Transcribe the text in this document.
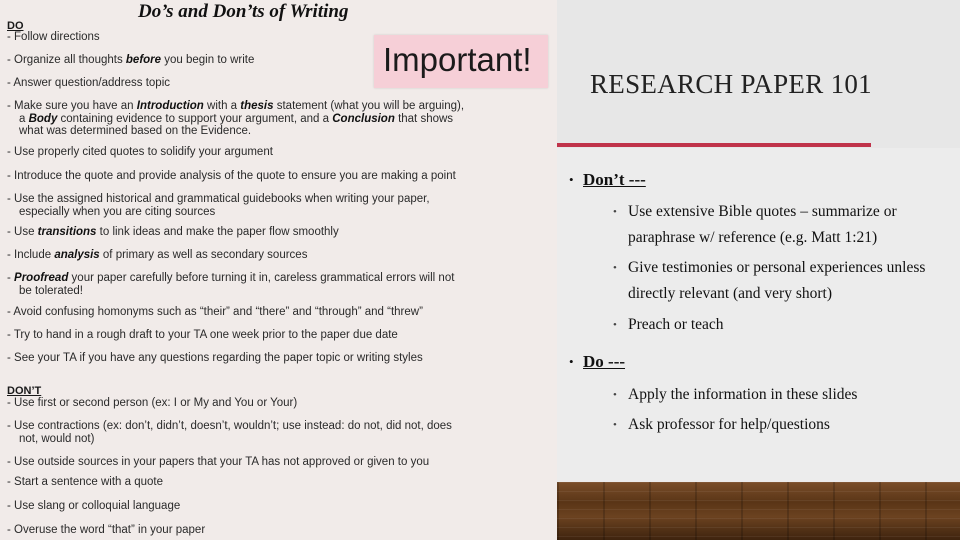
Do’s and Don’ts of Writing
DO
- Follow directions
- Organize all thoughts before you begin to write
- Answer question/address topic
- Make sure you have an Introduction with a thesis statement (what you will be arguing),
a Body containing evidence to support your argument, and a Conclusion that shows
what was determined based on the Evidence.
- Use properly cited quotes to solidify your argument
- Introduce the quote and provide analysis of the quote to ensure you are making a point
- Use the assigned historical and grammatical guidebooks when writing your paper,
especially when you are citing sources
- Use transitions to link ideas and make the paper flow smoothly
- Include analysis of primary as well as secondary sources
- Proofread your paper carefully before turning it in, careless grammatical errors will not
be tolerated!
- Avoid confusing homonyms such as “their” and “there” and “through” and “threw”
- Try to hand in a rough draft to your TA one week prior to the paper due date
- See your TA if you have any questions regarding the paper topic or writing styles
DON’T
- Use first or second person (ex: I or My and You or Your)
- Use contractions (ex: don’t, didn’t, doesn’t, wouldn’t; use instead: do not, did not, does
not, would not)
- Use outside sources in your papers that your TA has not approved or given to you
- Start a sentence with a quote
- Use slang or colloquial language
- Overuse the word “that” in your paper
Important!
RESEARCH PAPER 101
• Don’t ---
• Use extensive Bible quotes – summarize or paraphrase w/ reference (e.g. Matt 1:21)
• Give testimonies or personal experiences unless directly relevant (and very short)
• Preach or teach
• Do ---
• Apply the information in these slides
• Ask professor for help/questions
